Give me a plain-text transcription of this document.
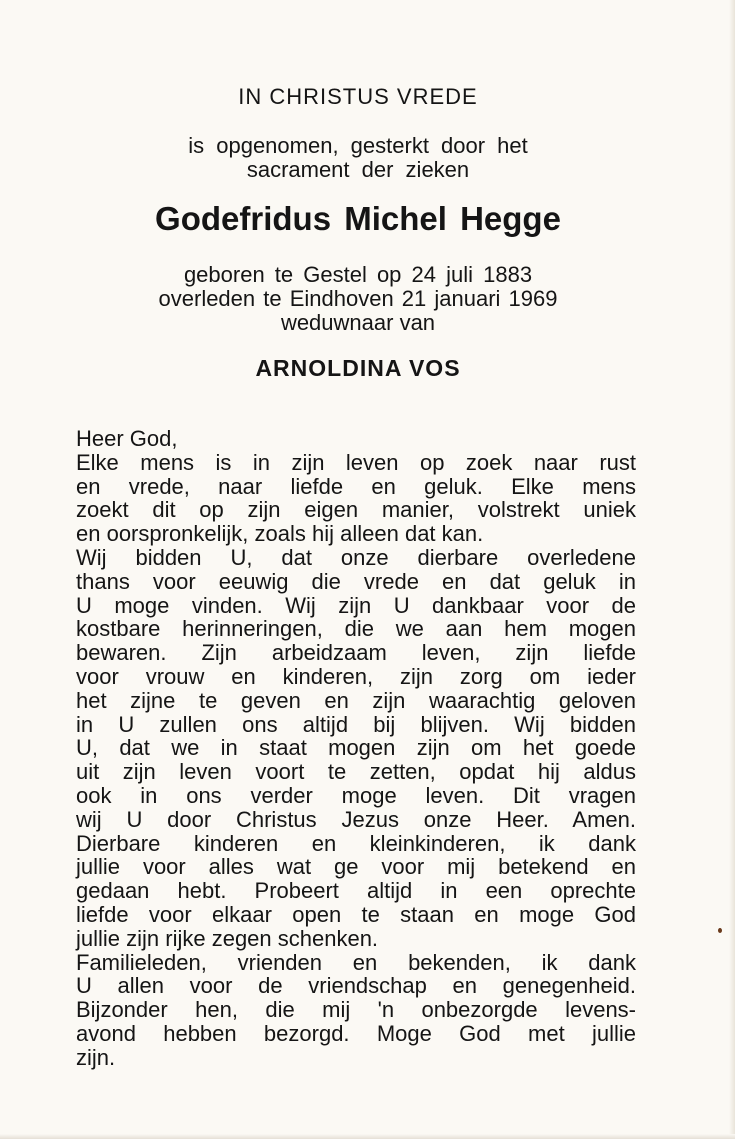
IN CHRISTUS VREDE
is opgenomen, gesterkt door het
sacrament der zieken
Godefridus Michel Hegge
geboren te Gestel op 24 juli 1883
overleden te Eindhoven 21 januari 1969
weduwnaar van
ARNOLDINA VOS
Heer God,
Elke mens is in zijn leven op zoek naar rust
en vrede, naar liefde en geluk. Elke mens
zoekt dit op zijn eigen manier, volstrekt uniek
en oorspronkelijk, zoals hij alleen dat kan.
Wij bidden U, dat onze dierbare overledene
thans voor eeuwig die vrede en dat geluk in
U moge vinden. Wij zijn U dankbaar voor de
kostbare herinneringen, die we aan hem mogen
bewaren. Zijn arbeidzaam leven, zijn liefde
voor vrouw en kinderen, zijn zorg om ieder
het zijne te geven en zijn waarachtig geloven
in U zullen ons altijd bij blijven. Wij bidden
U, dat we in staat mogen zijn om het goede
uit zijn leven voort te zetten, opdat hij aldus
ook in ons verder moge leven. Dit vragen
wij U door Christus Jezus onze Heer. Amen.
Dierbare kinderen en kleinkinderen, ik dank
jullie voor alles wat ge voor mij betekend en
gedaan hebt. Probeert altijd in een oprechte
liefde voor elkaar open te staan en moge God
jullie zijn rijke zegen schenken.
Familieleden, vrienden en bekenden, ik dank
U allen voor de vriendschap en genegenheid.
Bijzonder hen, die mij 'n onbezorgde levens-
avond hebben bezorgd. Moge God met jullie
zijn.
